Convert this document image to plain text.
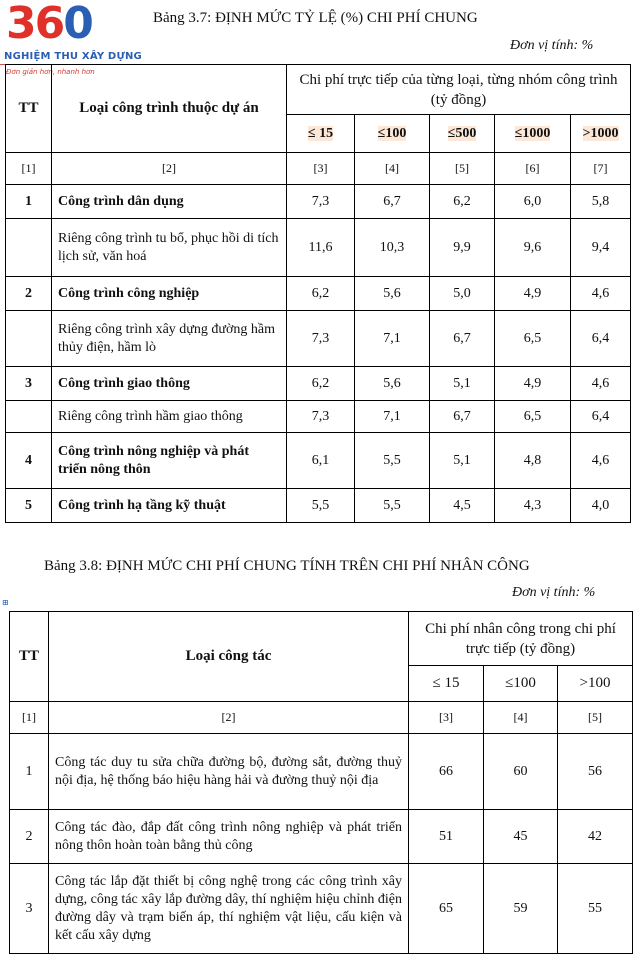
360
NGHIỆM THU XÂY DỰNG
Đơn giản hơn, nhanh hơn
Bảng 3.7: ĐỊNH MỨC TỶ LỆ (%) CHI PHÍ CHUNG
Đơn vị tính: %
TT	Loại công trình thuộc dự án	Chi phí trực tiếp của từng loại, từng nhóm công trình (tỷ đồng)				
		≤ 15	≤100	≤500	≤1000	>1000
[1]	[2]	[3]	[4]	[5]	[6]	[7]
1	Công trình dân dụng	7,3	6,7	6,2	6,0	5,8
	Riêng công trình tu bổ, phục hồi di tích lịch sử, văn hoá	11,6	10,3	9,9	9,6	9,4
2	Công trình công nghiệp	6,2	5,6	5,0	4,9	4,6
	Riêng công trình xây dựng đường hầm thủy điện, hầm lò	7,3	7,1	6,7	6,5	6,4
3	Công trình giao thông	6,2	5,6	5,1	4,9	4,6
	Riêng công trình hầm giao thông	7,3	7,1	6,7	6,5	6,4
4	Công trình nông nghiệp và phát triển nông thôn	6,1	5,5	5,1	4,8	4,6
5	Công trình hạ tầng kỹ thuật	5,5	5,5	4,5	4,3	4,0
⊞
Bảng 3.8: ĐỊNH MỨC CHI PHÍ CHUNG TÍNH TRÊN CHI PHÍ NHÂN CÔNG
Đơn vị tính: %
TT	Loại công tác	Chi phí nhân công trong chi phí trực tiếp (tỷ đồng)		
		≤ 15	≤100	>100
[1]	[2]	[3]	[4]	[5]
1	Công tác duy tu sửa chữa đường bộ, đường sắt, đường thuỷ nội địa, hệ thống báo hiệu hàng hải và đường thuỷ nội địa	66	60	56
2	Công tác đào, đắp đất công trình nông nghiệp và phát triển nông thôn hoàn toàn bằng thủ công	51	45	42
3	Công tác lắp đặt thiết bị công nghệ trong các công trình xây dựng, công tác xây lắp đường dây, thí nghiệm hiệu chỉnh điện đường dây và trạm biến áp, thí nghiệm vật liệu, cấu kiện và kết cấu xây dựng	65	59	55
